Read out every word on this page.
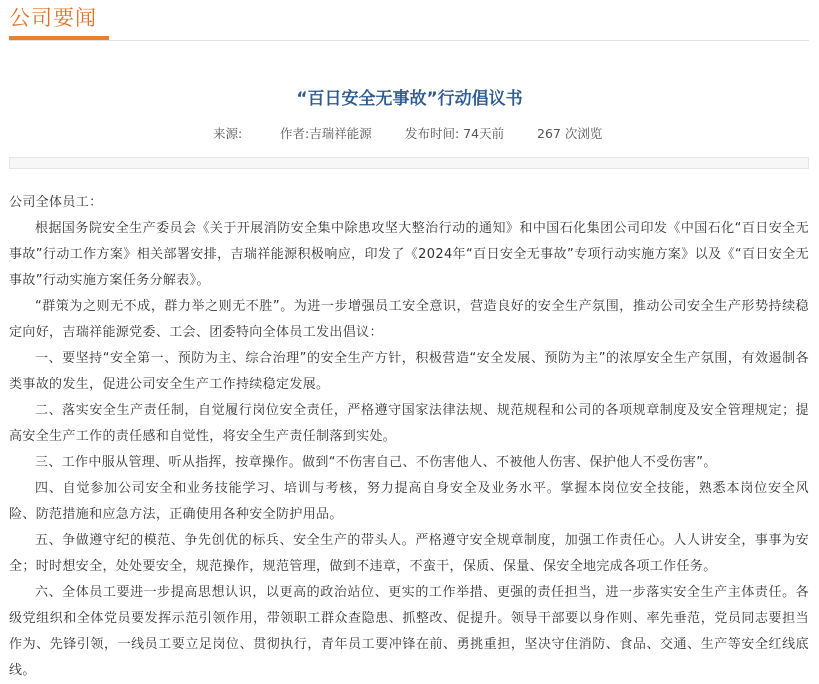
公司要闻
“百日安全无事故”行动倡议书
来源:	作者:吉瑞祥能源	发布时间: 74天前	267 次浏览

公司全体员工：

根据国务院安全生产委员会《关于开展消防安全集中除患攻坚大整治行动的通知》和中国石化集团公司印发《中国石化“百日安全无事故”行动工作方案》相关部署安排，吉瑞祥能源积极响应，印发了《2024年“百日安全无事故”专项行动实施方案》以及《“百日安全无事故”行动实施方案任务分解表》。

“群策为之则无不成，群力举之则无不胜”。为进一步增强员工安全意识，营造良好的安全生产氛围，推动公司安全生产形势持续稳定向好，吉瑞祥能源党委、工会、团委特向全体员工发出倡议：

一、要坚持“安全第一、预防为主、综合治理”的安全生产方针，积极营造“安全发展、预防为主”的浓厚安全生产氛围，有效遏制各类事故的发生，促进公司安全生产工作持续稳定发展。

二、落实安全生产责任制，自觉履行岗位安全责任，严格遵守国家法律法规、规范规程和公司的各项规章制度及安全管理规定；提高安全生产工作的责任感和自觉性，将安全生产责任制落到实处。

三、工作中服从管理、听从指挥，按章操作。做到“不伤害自己、不伤害他人、不被他人伤害、保护他人不受伤害”。

四、自觉参加公司安全和业务技能学习、培训与考核，努力提高自身安全及业务水平。掌握本岗位安全技能，熟悉本岗位安全风险、防范措施和应急方法，正确使用各种安全防护用品。

五、争做遵守纪的模范、争先创优的标兵、安全生产的带头人。严格遵守安全规章制度，加强工作责任心。人人讲安全，事事为安全；时时想安全，处处要安全，规范操作，规范管理，做到不违章，不蛮干，保质、保量、保安全地完成各项工作任务。

六、全体员工要进一步提高思想认识，以更高的政治站位、更实的工作举措、更强的责任担当，进一步落实安全生产主体责任。各级党组织和全体党员要发挥示范引领作用，带领职工群众查隐患、抓整改、促提升。领导干部要以身作则、率先垂范，党员同志要担当作为、先锋引领，一线员工要立足岗位、贯彻执行，青年员工要冲锋在前、勇挑重担，坚决守住消防、食品、交通、生产等安全红线底线。
